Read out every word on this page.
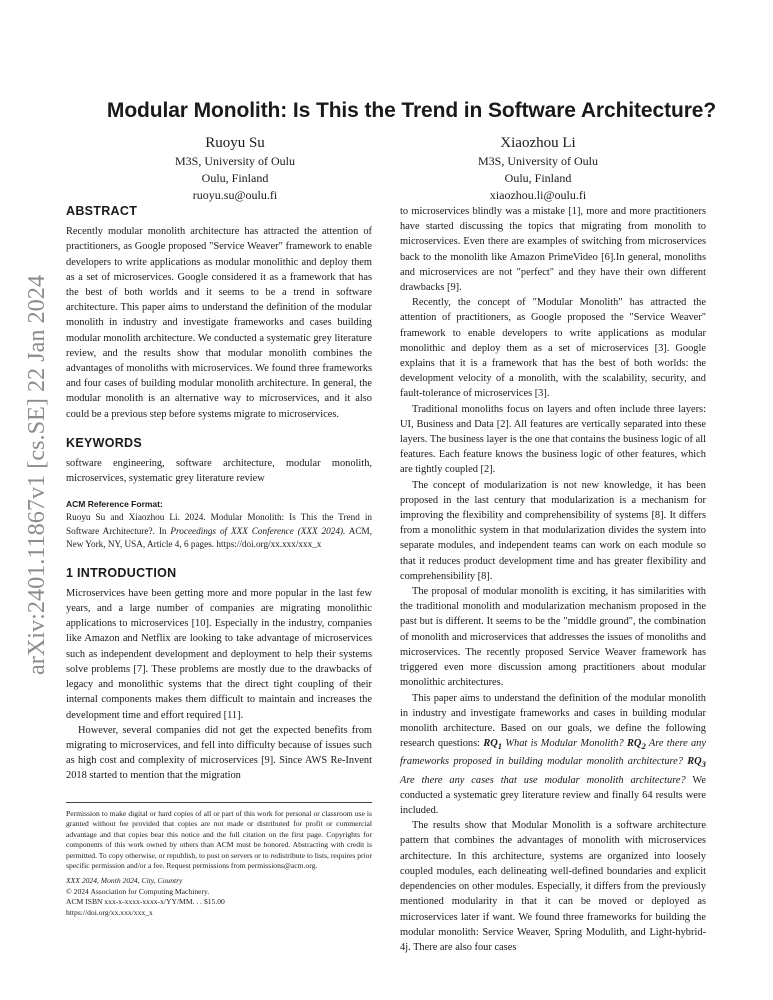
arXiv:2401.11867v1 [cs.SE] 22 Jan 2024
Modular Monolith: Is This the Trend in Software Architecture?
Ruoyu Su
M3S, University of Oulu
Oulu, Finland
ruoyu.su@oulu.fi
Xiaozhou Li
M3S, University of Oulu
Oulu, Finland
xiaozhou.li@oulu.fi
ABSTRACT

Recently modular monolith architecture has attracted the attention of practitioners, as Google proposed "Service Weaver" framework to enable developers to write applications as modular monolithic and deploy them as a set of microservices. Google considered it as a framework that has the best of both worlds and it seems to be a trend in software architecture. This paper aims to understand the definition of the modular monolith in industry and investigate frameworks and cases building modular monolith architecture. We conducted a systematic grey literature review, and the results show that modular monolith combines the advantages of monoliths with microservices. We found three frameworks and four cases of building modular monolith architecture. In general, the modular monolith is an alternative way to microservices, and it also could be a previous step before systems migrate to microservices.

KEYWORDS

software engineering, software architecture, modular monolith, microservices, systematic grey literature review

ACM Reference Format:

Ruoyu Su and Xiaozhou Li. 2024. Modular Monolith: Is This the Trend in Software Architecture?. In Proceedings of XXX Conference (XXX 2024). ACM, New York, NY, USA, Article 4, 6 pages. https://doi.org/xx.xxx/xxx_x

1 INTRODUCTION

Microservices have been getting more and more popular in the last few years, and a large number of companies are migrating monolithic applications to microservices [10]. Especially in the industry, companies like Amazon and Netflix are looking to take advantage of microservices such as independent development and deployment to help their systems solve problems [7]. These problems are mostly due to the drawbacks of legacy and monolithic systems that the direct tight coupling of their internal components makes them difficult to maintain and increases the development time and effort required [11].

However, several companies did not get the expected benefits from migrating to microservices, and fell into difficulty because of issues such as high cost and complexity of microservices [9]. Since AWS Re-Invent 2018 started to mention that the migration

Permission to make digital or hard copies of all or part of this work for personal or classroom use is granted without fee provided that copies are not made or distributed for profit or commercial advantage and that copies bear this notice and the full citation on the first page. Copyrights for components of this work owned by others than ACM must be honored. Abstracting with credit is permitted. To copy otherwise, or republish, to post on servers or to redistribute to lists, requires prior specific permission and/or a fee. Request permissions from permissions@acm.org.
XXX 2024, Month 2024, City, Country
© 2024 Association for Computing Machinery.
ACM ISBN xxx-x-xxxx-xxxx-x/YY/MM. . . $15.00
https://doi.org/xx.xxx/xxx_x

to microservices blindly was a mistake [1], more and more practitioners have started discussing the topics that migrating from monolith to microservices. Even there are examples of switching from microservices back to the monolith like Amazon PrimeVideo [6].In general, monoliths and microservices are not "perfect" and they have their own different drawbacks [9].

Recently, the concept of "Modular Monolith" has attracted the attention of practitioners, as Google proposed the "Service Weaver" framework to enable developers to write applications as modular monolithic and deploy them as a set of microservices [3]. Google explains that it is a framework that has the best of both worlds: the development velocity of a monolith, with the scalability, security, and fault-tolerance of microservices [3].

Traditional monoliths focus on layers and often include three layers: UI, Business and Data [2]. All features are vertically separated into these layers. The business layer is the one that contains the business logic of all features. Each feature knows the business logic of other features, which are tightly coupled [2].

The concept of modularization is not new knowledge, it has been proposed in the last century that modularization is a mechanism for improving the flexibility and comprehensibility of systems [8]. It differs from a monolithic system in that modularization divides the system into separate modules, and independent teams can work on each module so that it reduces product development time and has greater flexibility and comprehensibility [8].

The proposal of modular monolith is exciting, it has similarities with the traditional monolith and modularization mechanism proposed in the past but is different. It seems to be the "middle ground", the combination of monolith and microservices that addresses the issues of monoliths and microservices. The recently proposed Service Weaver framework has triggered even more discussion among practitioners about modular monolithic architectures.

This paper aims to understand the definition of the modular monolith in industry and investigate frameworks and cases in building modular monolith architecture. Based on our goals, we define the following research questions: $RQ_1$ What is Modular Monolith? $RQ_2$ Are there any frameworks proposed in building modular monolith architecture? $RQ_3$ Are there any cases that use modular monolith architecture? We conducted a systematic grey literature review and finally 64 results were included.

The results show that Modular Monolith is a software architecture pattern that combines the advantages of monolith with microservices architecture. In this architecture, systems are organized into loosely coupled modules, each delineating well-defined boundaries and explicit dependencies on other modules. Especially, it differs from the previously mentioned modularity in that it can be moved or deployed as microservices later if want. We found three frameworks for building the modular monolith: Service Weaver, Spring Modulith, and Light-hybrid-4j. There are also four cases
